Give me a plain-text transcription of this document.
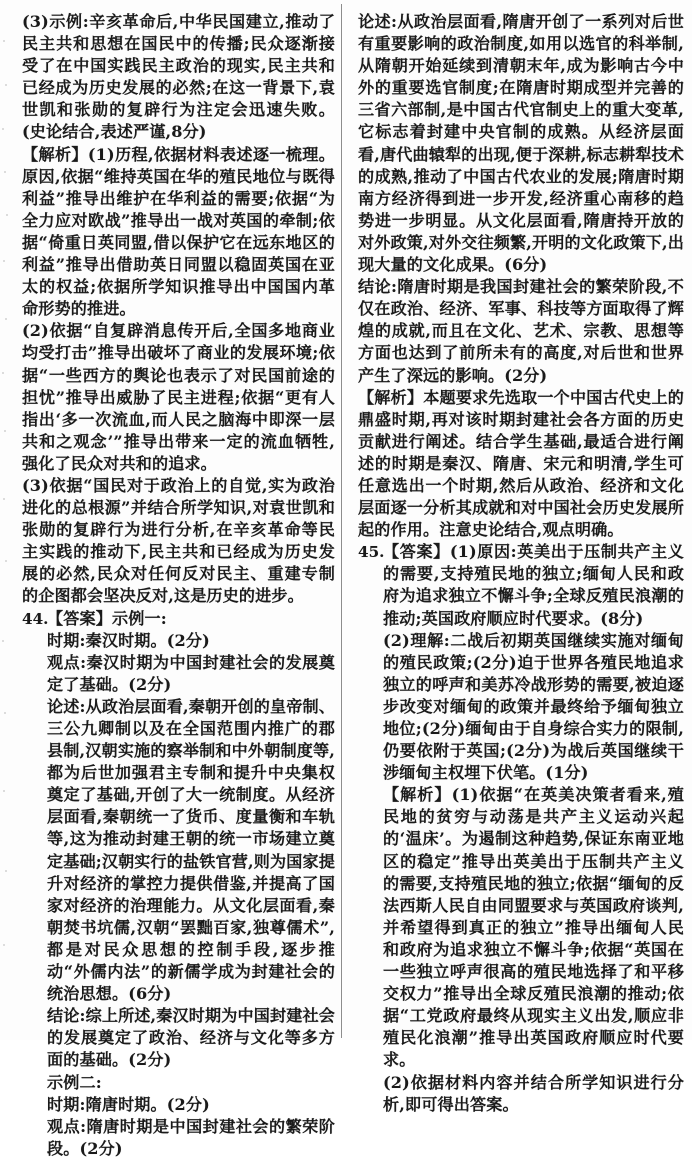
(3)示例:辛亥革命后,中华民国建立,推动了民主共和思想在国民中的传播;民众逐渐接受了在中国实践民主政治的现实,民主共和已经成为历史发展的必然;在这一背景下,袁世凯和张勋的复辟行为注定会迅速失败。(史论结合,表述严谨,8分)

【解析】(1)历程,依据材料表述逐一梳理。原因,依据“维持英国在华的殖民地位与既得利益”推导出维护在华利益的需要;依据“为全力应对欧战”推导出一战对英国的牵制;依据“倚重日英同盟,借以保护它在远东地区的利益”推导出借助英日同盟以稳固英国在亚太的权益;依据所学知识推导出中国国内革命形势的推进。

(2)依据“自复辟消息传开后,全国多地商业均受打击”推导出破坏了商业的发展环境;依据“一些西方的舆论也表示了对民国前途的担忧”推导出威胁了民主进程;依据“更有人指出‘多一次流血,而人民之脑海中即深一层共和之观念’”推导出带来一定的流血牺牲,强化了民众对共和的追求。

(3)依据“国民对于政治上的自觉,实为政治进化的总根源”并结合所学知识,对袁世凯和张勋的复辟行为进行分析,在辛亥革命等民主实践的推动下,民主共和已经成为历史发展的必然,民众对任何反对民主、重建专制的企图都会坚决反对,这是历史的进步。

44.
【答案】示例一:

时期:秦汉时期。(2分)

观点:秦汉时期为中国封建社会的发展奠定了基础。(2分)

论述:从政治层面看,秦朝开创的皇帝制、三公九卿制以及在全国范围内推广的郡县制,汉朝实施的察举制和中外朝制度等,都为后世加强君主专制和提升中央集权奠定了基础,开创了大一统制度。从经济层面看,秦朝统一了货币、度量衡和车轨等,这为推动封建王朝的统一市场建立奠定基础;汉朝实行的盐铁官营,则为国家提升对经济的掌控力提供借鉴,并提高了国家对经济的治理能力。从文化层面看,秦朝焚书坑儒,汉朝“罢黜百家,独尊儒术”,都是对民众思想的控制手段,逐步推动“外儒内法”的新儒学成为封建社会的统治思想。(6分)

结论:综上所述,秦汉时期为中国封建社会的发展奠定了政治、经济与文化等多方面的基础。(2分)

示例二:

时期:隋唐时期。(2分)

观点:隋唐时期是中国封建社会的繁荣阶段。(2分)

论述:从政治层面看,隋唐开创了一系列对后世有重要影响的政治制度,如用以选官的科举制,从隋朝开始延续到清朝末年,成为影响古今中外的重要选官制度;在隋唐时期成型并完善的三省六部制,是中国古代官制史上的重大变革,它标志着封建中央官制的成熟。从经济层面看,唐代曲辕犁的出现,便于深耕,标志耕犁技术的成熟,推动了中国古代农业的发展;隋唐时期南方经济得到进一步开发,经济重心南移的趋势进一步明显。从文化层面看,隋唐持开放的对外政策,对外交往频繁,开明的文化政策下,出现大量的文化成果。(6分)

结论:隋唐时期是我国封建社会的繁荣阶段,不仅在政治、经济、军事、科技等方面取得了辉煌的成就,而且在文化、艺术、宗教、思想等方面也达到了前所未有的高度,对后世和世界产生了深远的影响。(2分)

【解析】本题要求先选取一个中国古代史上的鼎盛时期,再对该时期封建社会各方面的历史贡献进行阐述。结合学生基础,最适合进行阐述的时期是秦汉、隋唐、宋元和明清,学生可任意选出一个时期,然后从政治、经济和文化层面逐一分析其成就和对中国社会历史发展所起的作用。注意史论结合,观点明确。

45.
【答案】(1)原因:英美出于压制共产主义的需要,支持殖民地的独立;缅甸人民和政府为追求独立不懈斗争;全球反殖民浪潮的推动;英国政府顺应时代要求。(8分)

(2)理解:二战后初期英国继续实施对缅甸的殖民政策;(2分)迫于世界各殖民地追求独立的呼声和美苏冷战形势的需要,被迫逐步改变对缅甸的政策并最终给予缅甸独立地位;(2分)缅甸由于自身综合实力的限制,仍要依附于英国;(2分)为战后英国继续干涉缅甸主权埋下伏笔。(1分)

【解析】(1)依据“在英美决策者看来,殖民地的贫穷与动荡是共产主义运动兴起的‘温床’。为遏制这种趋势,保证东南亚地区的稳定”推导出英美出于压制共产主义的需要,支持殖民地的独立;依据“缅甸的反法西斯人民自由同盟要求与英国政府谈判,并希望得到真正的独立”推导出缅甸人民和政府为追求独立不懈斗争;依据“英国在一些独立呼声很高的殖民地选择了和平移交权力”推导出全球反殖民浪潮的推动;依据“工党政府最终从现实主义出发,顺应非殖民化浪潮”推导出英国政府顺应时代要求。

(2)依据材料内容并结合所学知识进行分析,即可得出答案。
